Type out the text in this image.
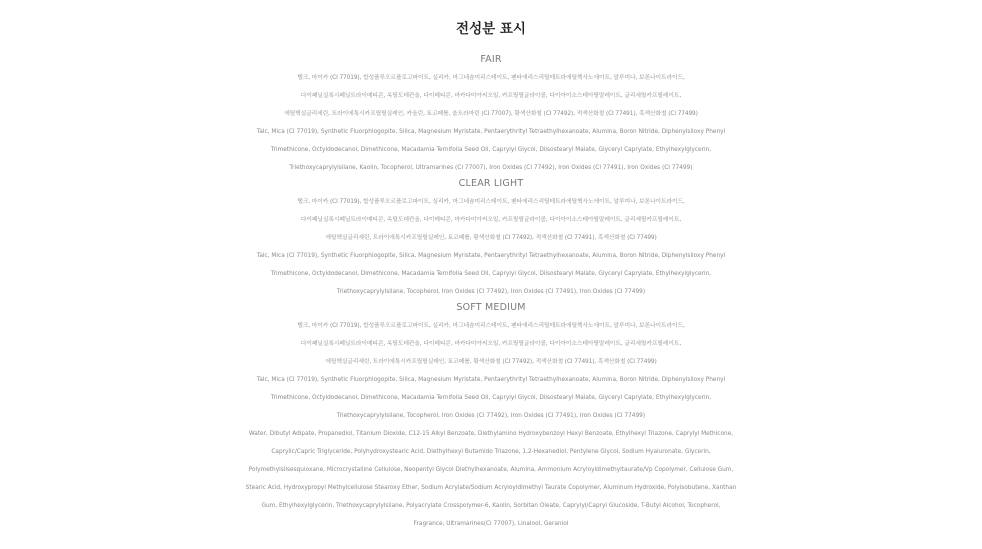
전성분 표시
FAIR
탤크, 마이카 (CI 77019), 합성플루오르플로고파이트, 실리카, 마그네슘미리스테이트, 펜타에리스리틸테트라에틸헥사노에이트, 알루미나, 보론나이트라이드,
다이페닐실록시페닐트라이메티콘, 옥틸도데칸올, 다이메티콘, 마카다미아씨오일, 카프릴릴글라이콜, 다이아이소스테아릴말레이트, 글리세릴카프릴레이트,
에틸헥실글리세린, 트라이에톡시카프릴릴실레인, 카올린, 토코페롤, 울트라마린 (CI 77007), 황색산화철 (CI 77492), 적색산화철 (CI 77491), 흑색산화철 (CI 77499)
Talc, Mica (CI 77019), Synthetic Fluorphlogopite, Silica, Magnesium Myristate, Pentaerythrityl Tetraethylhexanoate, Alumina, Boron Nitride, Diphenylsiloxy Phenyl
Trimethicone, Octyldodecanol, Dimethicone, Macadamia Ternifolia Seed Oil, Caprylyl Glycol, Diisostearyl Malate, Glyceryl Caprylate, Ethylhexylglycerin,
Triethoxycaprylylsilane, Kaolin, Tocopherol, Ultramarines (CI 77007), Iron Oxides (CI 77492), Iron Oxides (CI 77491), Iron Oxides (CI 77499)
CLEAR LIGHT
탤크, 마이카 (CI 77019), 합성플루오르플로고파이트, 실리카, 마그네슘미리스테이트, 펜타에리스리틸테트라에틸헥사노에이트, 알루미나, 보론나이트라이드,
다이페닐실록시페닐트라이메티콘, 옥틸도데칸올, 다이메티콘, 마카다미아씨오일, 카프릴릴글라이콜, 다이아이소스테아릴말레이트, 글리세릴카프릴레이트,
에틸헥실글리세린, 트라이에톡시카프릴릴실레인, 토코페롤, 황색산화철 (CI 77492), 적색산화철 (CI 77491), 흑색산화철 (CI 77499)
Talc, Mica (CI 77019), Synthetic Fluorphlogopite, Silica, Magnesium Myristate, Pentaerythrityl Tetraethylhexanoate, Alumina, Boron Nitride, Diphenylsiloxy Phenyl
Trimethicone, Octyldodecanol, Dimethicone, Macadamia Ternifolia Seed Oil, Caprylyl Glycol, Diisostearyl Malate, Glyceryl Caprylate, Ethylhexylglycerin,
Triethoxycaprylylsilane, Tocopherol, Iron Oxides (CI 77492), Iron Oxides (CI 77491), Iron Oxides (CI 77499)
SOFT MEDIUM
탤크, 마이카 (CI 77019), 합성플루오르플로고파이트, 실리카, 마그네슘미리스테이트, 펜타에리스리틸테트라에틸헥사노에이트, 알루미나, 보론나이트라이드,
다이페닐실록시페닐트라이메티콘, 옥틸도데칸올, 다이메티콘, 마카다미아씨오일, 카프릴릴글라이콜, 다이아이소스테아릴말레이트, 글리세릴카프릴레이트,
에틸헥실글리세린, 트라이에톡시카프릴릴실레인, 토코페롤, 황색산화철 (CI 77492), 적색산화철 (CI 77491), 흑색산화철 (CI 77499)
Talc, Mica (CI 77019), Synthetic Fluorphlogopite, Silica, Magnesium Myristate, Pentaerythrityl Tetraethylhexanoate, Alumina, Boron Nitride, Diphenylsiloxy Phenyl
Trimethicone, Octyldodecanol, Dimethicone, Macadamia Ternifolia Seed Oil, Caprylyl Glycol, Diisostearyl Malate, Glyceryl Caprylate, Ethylhexylglycerin,
Triethoxycaprylylsilane, Tocopherol, Iron Oxides (CI 77492), Iron Oxides (CI 77491), Iron Oxides (CI 77499)
Water, Dibutyl Adipate, Propanediol, Titanium Dioxide, C12-15 Alkyl Benzoate, Diethylamino Hydroxybenzoyl Hexyl Benzoate, Ethylhexyl Triazone, Caprylyl Methicone,
Caprylic/Capric Triglyceride, Polyhydroxystearic Acid, Diethylhexyl Butamido Triazone, 1,2-Hexanediol, Pentylene Glycol, Sodium Hyaluronate, Glycerin,
Polymethylsilsesquioxane, Microcrystalline Cellulose, Neopentyl Glycol Diethylhexanoate, Alumina, Ammonium Acryloyldimethyltaurate/Vp Copolymer, Cellulose Gum,
Stearic Acid, Hydroxypropyl Methylcellulose Stearoxy Ether, Sodium Acrylate/Sodium Acryloyldimethyl Taurate Copolymer, Aluminum Hydroxide, Polyisobutene, Xanthan
Gum, Ethylhexylglycerin, Triethoxycaprylylsilane, Polyacrylate Crosspolymer-6, Kaolin, Sorbitan Oleate, Caprylyl/Capryl Glucoside, T-Butyl Alcohol, Tocopherol,
Fragrance, Ultramarines(Ci 77007), Linalool, Geraniol
